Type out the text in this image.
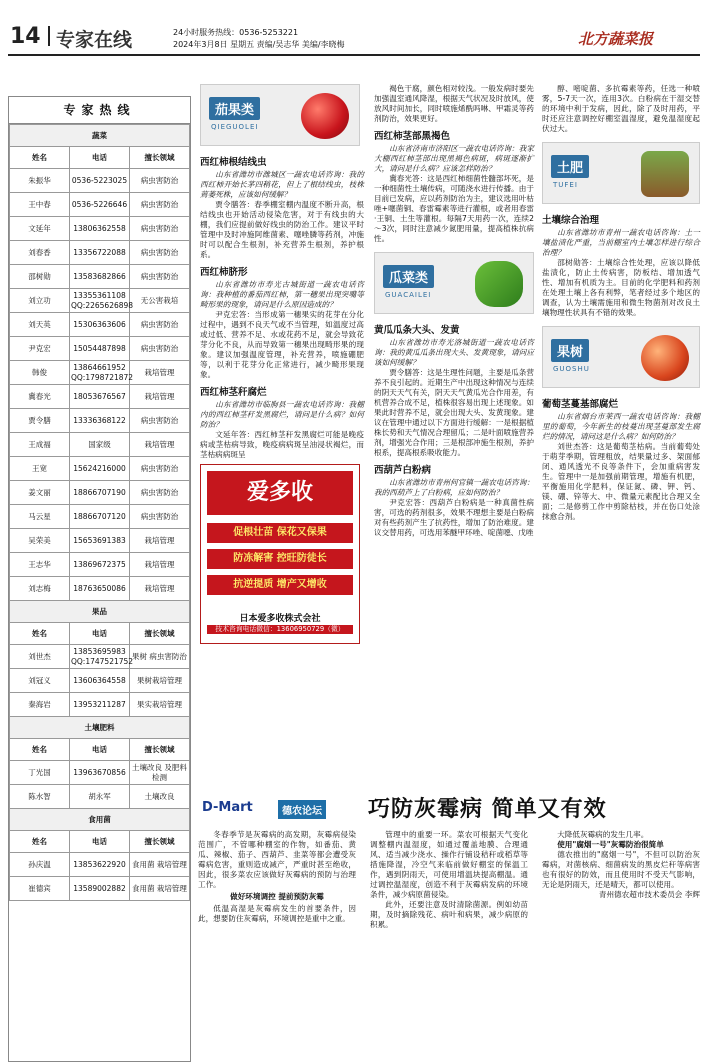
14 专家在线	24小时服务热线：0536-5253221
2024年3月8日 星期五 责编/吴志华 美编/李晓梅	北方蔬菜报
专家热线
蔬菜		
姓名	电话	擅长领域
朱振华	0536-5223025	病虫害防治
王中春	0536-5226646	病虫害防治
文延年	13806362558	病虫害防治
刘春香	13356722088	病虫害防治
邵树勋	13583682866	病虫害防治
刘立功	13355361108 QQ:2265626898	无公害栽培
刘天英	15306363606	病虫害防治
尹克宏	15054487898	病虫害防治
韩俊	13864661952 QQ:1798721872	栽培管理
冀春光	18053676567	栽培管理
贾令膳	13336368122	病虫害防治
王成福	国家级	栽培管理
王宽	15624216000	病虫害防治
姜文丽	18866707190	病虫害防治
马云星	18866707120	病虫害防治
吴荣美	15653691383	栽培管理
王志华	13869672375	栽培管理
刘志梅	18763650086	栽培管理
果品		
姓名	电话	擅长领域
刘世杰	13853695983 QQ:1747521752	果树 病虫害防治
刘冠义	13606364558	果树栽培管理
秦海岩	13953211287	果实栽培管理
土壤肥料		
姓名	电话	擅长领域
丁光国	13963670856	土壤改良 及肥料检测
陈水智	胡永军	土壤改良
食用菌		
姓名	电话	擅长领域
孙庆温	13853622920	食用菌 栽培管理
崔德宾	13589002882	食用菌 栽培管理
茄果类
QIEGUOLEI
西红柿根结线虫

山东省潍坊市潍城区一蔬农电话咨询：我的西红柿开始长茅四稍花，但上了根结线虫，枝株蔫萎死株，应该如何缓解？

贾令膳答：春季棚室棚内温度不断升高，根结线虫也开始活动侵染危害，对于有线虫的大棚，我们应提前做好线虫的防治工作。建议平时管理中及时冲施阿维菌素、噻唑膦等药剂，冲施时可以配合生根剂，补充营养生根剂，养护根系。

西红柿脐形

山东省潍坊市寿光古城街道一蔬农电话咨询：我种植的番茄西红柿，第一穗果出现突嘴等畸形果的现象，请问是什么原因造成的？

尹克宏答：当形成第一穗果实的花芽在分化过程中，遇到不良天气或不当管理，如温度过高或过低、营养不足、水或花药不足，就会导致花芽分化不良，从而导致第一穗果出现畸形果的现象。建议加强温度管理，补充营养，喷施硼肥等，以利于花芽分化正常进行，减少畸形果现象。

西红柿茎秆腐烂

山东省潍坊市临朐县一蔬农电话咨询：我棚内的西红柿茎秆发黑腐烂，请问是什么病？如何防治？

文延年答：西红柿茎秆发黑腐烂可能是晚疫病或茎枯病导致，晚疫病病斑呈油浸状褐烂，而茎枯病病斑呈

爱多收
促根壮苗 保花又保果
防冻解害 控旺防徒长
抗逆提质 增产又增收
日本爱多收株式会社
技术咨询电话微信：13606950729（微）

褐色干腐，颜色相对较浅。一般发病时要先加强温室通风降湿，根据天气状况及时放风，使放风时间加长，同时喷施烯酰吗啉、甲霜灵等药剂防治，效果更好。

西红柿茎部黑褐色

山东省济南市济阳区一蔬农电话咨询：我家大棚西红柿茎部出现黑褐色病斑，病斑逐渐扩大，请问是什么病？应该怎样防治？

冀春光答：这是西红柿细菌性髓部坏死，是一种细菌性土壤传病，可随浇水进行传播。由于目前已发病，应以药剂防治为主，建议选用叶枯唑+噻菌铜、春雷霉素等进行灌根，或者用春雷·王铜、土生等灌根。每隔7天用药一次，连续2～3次，同时注意减少氮肥用量，提高植株抗病性。

瓜菜类
GUACAILEI
黄瓜瓜条大头、发黄

山东省潍坊市寿光洛城街道一蔬农电话咨询：我的黄瓜瓜条出现大头、发黄现象，请问应该如何缓解？

贾令膳答：这是生理性问题，主要是瓜条营养不良引起的。近期生产中出现这种情况与连续的阴天天气有关，阴天天气黄瓜光合作用差，有机营养合成不足，植株很容易出现上述现象。如果此时营养不足，就会出现大头、发黄现象。建议在管理中通过以下方面进行缓解：一是根据植株长势和天气情况合理留瓜；二是叶面喷施营养剂，增强光合作用；三是根部冲施生根剂，养护根系，提高根系吸收能力。

西葫芦白粉病

山东省潍坊市青州何官镇一蔬农电话咨询：我的西葫芦上了白粉病，应如何防治？

尹克宏答：西葫芦白粉病是一种真菌性病害，可选的药剂很多，效果不理想主要是白粉病对有些药剂产生了抗药性，增加了防治难度。建议交替用药，可选用苯醚甲环唑、啶菌噁、戊唑

醇、嘧啶菌、多抗霉素等药，任选一种喷雾，5-7天一次，连用3次。白粉病在干湿交替的环境中利于发病，因此，除了及时用药，平时还应注意调控好棚室温湿度，避免温湿度起伏过大。

土肥
TUFEI
土壤综合治理

山东省潍坊市青州一蔬农电话咨询：土一壤盐渍化严重，当前棚室内土壤怎样进行综合治理？

邵树勋答：土壤综合性处理，应该以降低盐渍化，防止土传病害，防板结、增加透气性、增加有机质为主。目前的化学肥料和药剂在处理土壤上各有利弊，笔者经过多个地区的调查，认为土壤需施用和微生物菌剂对改良土壤物理性状具有不错的效果。

果树
GUOSHU
葡萄茎蔓基部腐烂

山东省烟台市莱西一蔬农电话咨询：我棚里的葡萄，今年新生的枝蔓出现茎蔓部发生腐烂的情况，请问这是什么病？如何防治？

刘世杰答：这是葡萄茎枯病。当前葡萄处于萌芽季期，管理粗放，结果量过多、架面郁闭、通风透光不良等条件下，会加重病害发生。管理中一是加强前期管理，增施有机肥，平衡施用化学肥料，保证氮、磷、钾、钙、镁、硼、锌等大、中、微量元素配比合理又全面；二是修剪工作中剪除枯枝，并在伤口处涂抹愈合剂。

D-Mart	德农论坛 巧防灰霉病 简单又有效

冬春季节是灰霉病的高发期，灰霉病侵染范围广，不管哪种棚室的作物，如番茄、黄瓜、辣椒、茄子、西葫芦、韭菜等都会遭受灰霉病危害，重则造成减产，严重时甚至绝收，因此，很多菜农应该做好灰霉病的预防与治理工作。

做好环境调控 提前预防灰霉

低温高湿是灰霉病发生的首要条件，因此，想要防住灰霉病，环境调控是重中之重。

管理中的重要一环。菜农可根据天气变化调整棚内温湿度，如通过覆盖地膜、合理通风、适当减少浇水、操作行铺设秸秆或稻草等措施降湿，冷空气来临前做好棚室的保温工作，遇到阴雨天，可使用增温块提高棚温。通过调控温湿度，创造不利于灰霉病发病的环境条件，减少病原菌侵染。

此外，还要注意及时清除菌源。例如幼苗期，及时摘除残花、病叶和病果，减少病原的积累。

大降低灰霉病的发生几率。

使用"腐烟一号"灰霉防治很简单

德农推出的"腐烟一号"，不但可以防治灰霉病，对菌核病、细菌病发的黑皮烂秆等病害也有很好的防效，而且使用时不受天气影响，无论是阴雨天，还是晴天，都可以使用。

青州德农超市技术委员会 李辉
